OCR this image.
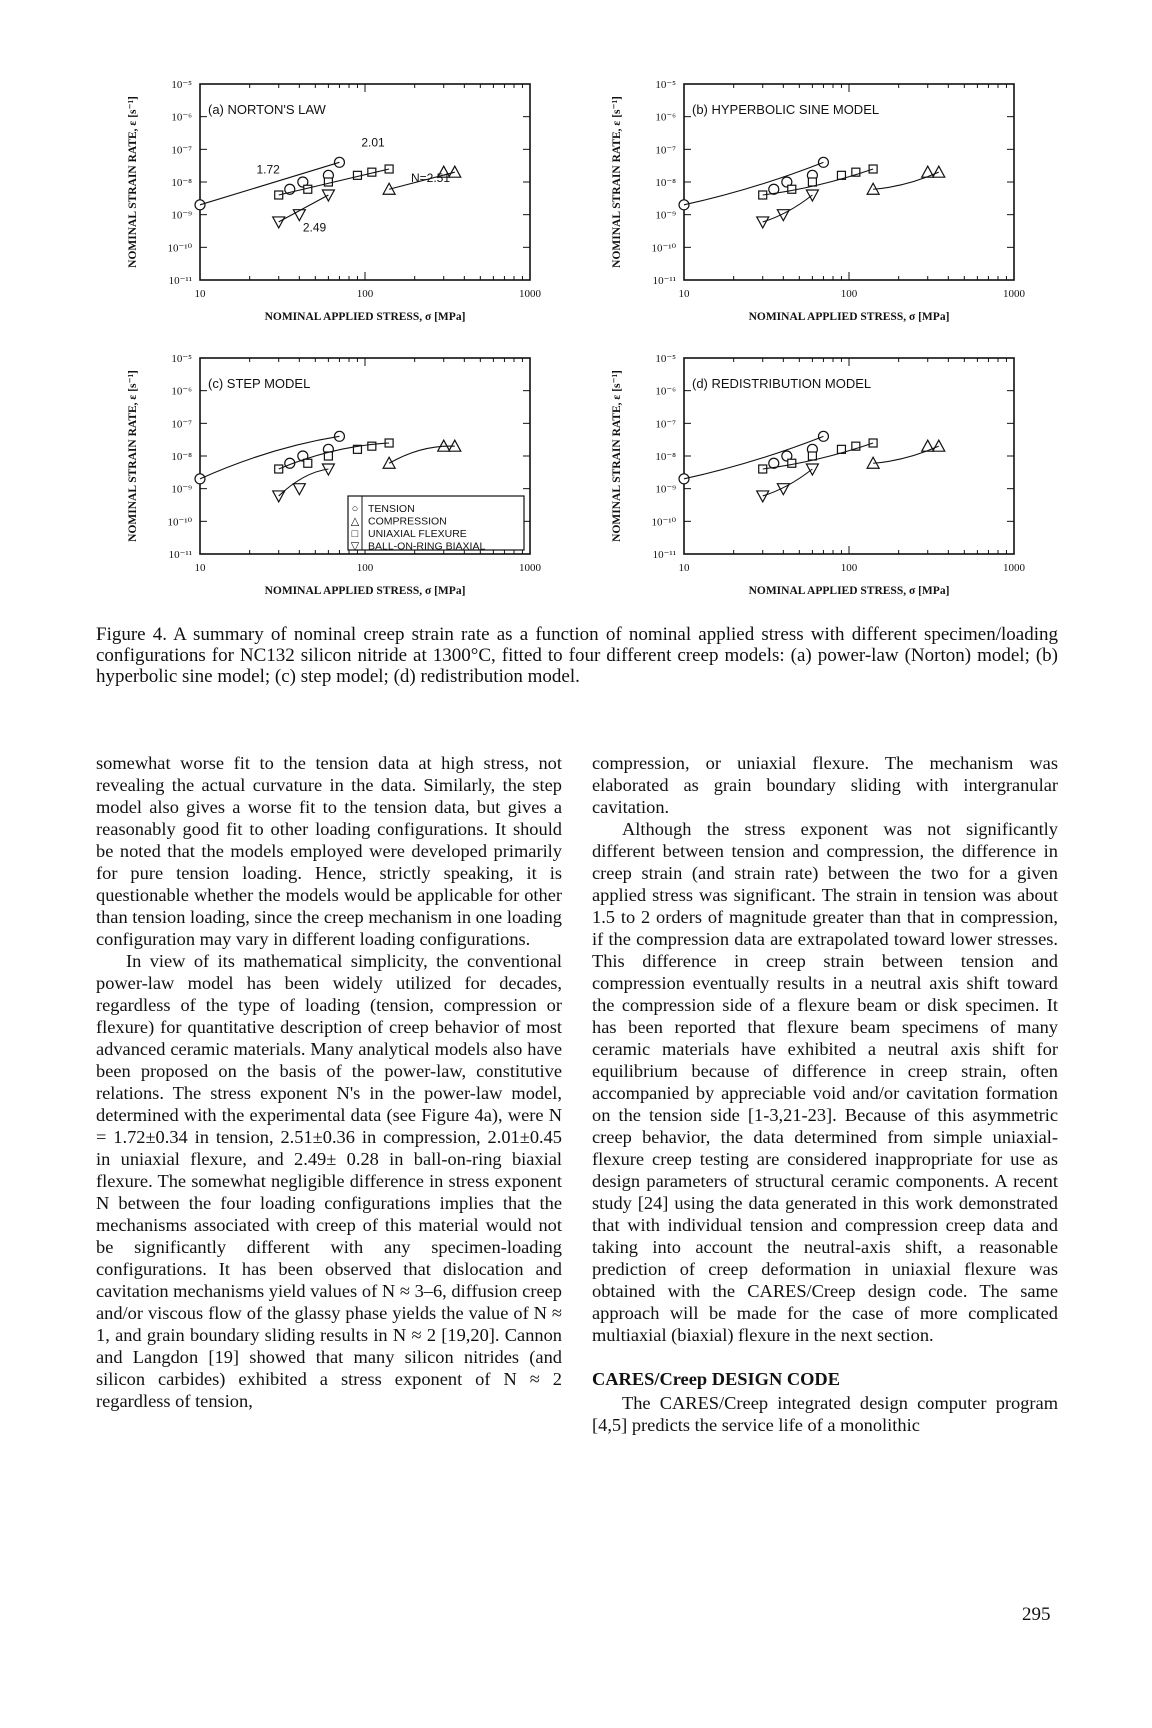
10⁻⁵
10⁻⁶
10⁻⁷
10⁻⁸
10⁻⁹
10⁻¹⁰
10⁻¹¹
10	100	1000
NOMINAL APPLIED STRESS, σ [MPa]
NOMINAL STRAIN RATE, ε [s⁻¹]	(a) NORTON'S LAW
1.72
2.01
N=2.51
2.49
10⁻⁵
10⁻⁶
10⁻⁷
10⁻⁸
10⁻⁹
10⁻¹⁰
10⁻¹¹
10	100	1000
NOMINAL APPLIED STRESS, σ [MPa]
NOMINAL STRAIN RATE, ε [s⁻¹]	(b) HYPERBOLIC SINE MODEL
10⁻⁵
10⁻⁶
10⁻⁷
10⁻⁸
10⁻⁹
10⁻¹⁰
10⁻¹¹
10	100	1000
NOMINAL APPLIED STRESS, σ [MPa]
NOMINAL STRAIN RATE, ε [s⁻¹]	(c) STEP MODEL
○ TENSION
△ COMPRESSION
□ UNIAXIAL FLEXURE
▽ BALL-ON-RING BIAXIAL
10⁻⁵
10⁻⁶
10⁻⁷
10⁻⁸
10⁻⁹
10⁻¹⁰
10⁻¹¹
10	100	1000
NOMINAL APPLIED STRESS, σ [MPa]
NOMINAL STRAIN RATE, ε [s⁻¹]	(d) REDISTRIBUTION MODEL
Figure 4. A summary of nominal creep strain rate as a function of nominal applied stress with different specimen/loading configurations for NC132 silicon nitride at 1300°C, fitted to four different creep models: (a) power-law (Norton) model; (b) hyperbolic sine model; (c) step model; (d) redistribution model.

somewhat worse fit to the tension data at high stress, not revealing the actual curvature in the data. Similarly, the step model also gives a worse fit to the tension data, but gives a reasonably good fit to other loading configurations. It should be noted that the models employed were developed primarily for pure tension loading. Hence, strictly speaking, it is questionable whether the models would be applicable for other than tension loading, since the creep mechanism in one loading configuration may vary in different loading configurations.

In view of its mathematical simplicity, the conventional power-law model has been widely utilized for decades, regardless of the type of loading (tension, compression or flexure) for quantitative description of creep behavior of most advanced ceramic materials. Many analytical models also have been proposed on the basis of the power-law, constitutive relations. The stress exponent N's in the power-law model, determined with the experimental data (see Figure 4a), were N = 1.72±0.34 in tension, 2.51±0.36 in compression, 2.01±0.45 in uniaxial flexure, and 2.49± 0.28 in ball-on-ring biaxial flexure. The somewhat negligible difference in stress exponent N between the four loading configurations implies that the mechanisms associated with creep of this material would not be significantly different with any specimen-loading configurations. It has been observed that dislocation and cavitation mechanisms yield values of N ≈ 3–6, diffusion creep and/or viscous flow of the glassy phase yields the value of N ≈ 1, and grain boundary sliding results in N ≈ 2 [19,20]. Cannon and Langdon [19] showed that many silicon nitrides (and silicon carbides) exhibited a stress exponent of N ≈ 2 regardless of tension,

compression, or uniaxial flexure. The mechanism was elaborated as grain boundary sliding with intergranular cavitation.

Although the stress exponent was not significantly different between tension and compression, the difference in creep strain (and strain rate) between the two for a given applied stress was significant. The strain in tension was about 1.5 to 2 orders of magnitude greater than that in compression, if the compression data are extrapolated toward lower stresses. This difference in creep strain between tension and compression eventually results in a neutral axis shift toward the compression side of a flexure beam or disk specimen. It has been reported that flexure beam specimens of many ceramic materials have exhibited a neutral axis shift for equilibrium because of difference in creep strain, often accompanied by appreciable void and/or cavitation formation on the tension side [1-3,21-23]. Because of this asymmetric creep behavior, the data determined from simple uniaxial-flexure creep testing are considered inappropriate for use as design parameters of structural ceramic components. A recent study [24] using the data generated in this work demonstrated that with individual tension and compression creep data and taking into account the neutral-axis shift, a reasonable prediction of creep deformation in uniaxial flexure was obtained with the CARES/Creep design code. The same approach will be made for the case of more complicated multiaxial (biaxial) flexure in the next section.

CARES/Creep DESIGN CODE

The CARES/Creep integrated design computer program [4,5] predicts the service life of a monolithic

295
